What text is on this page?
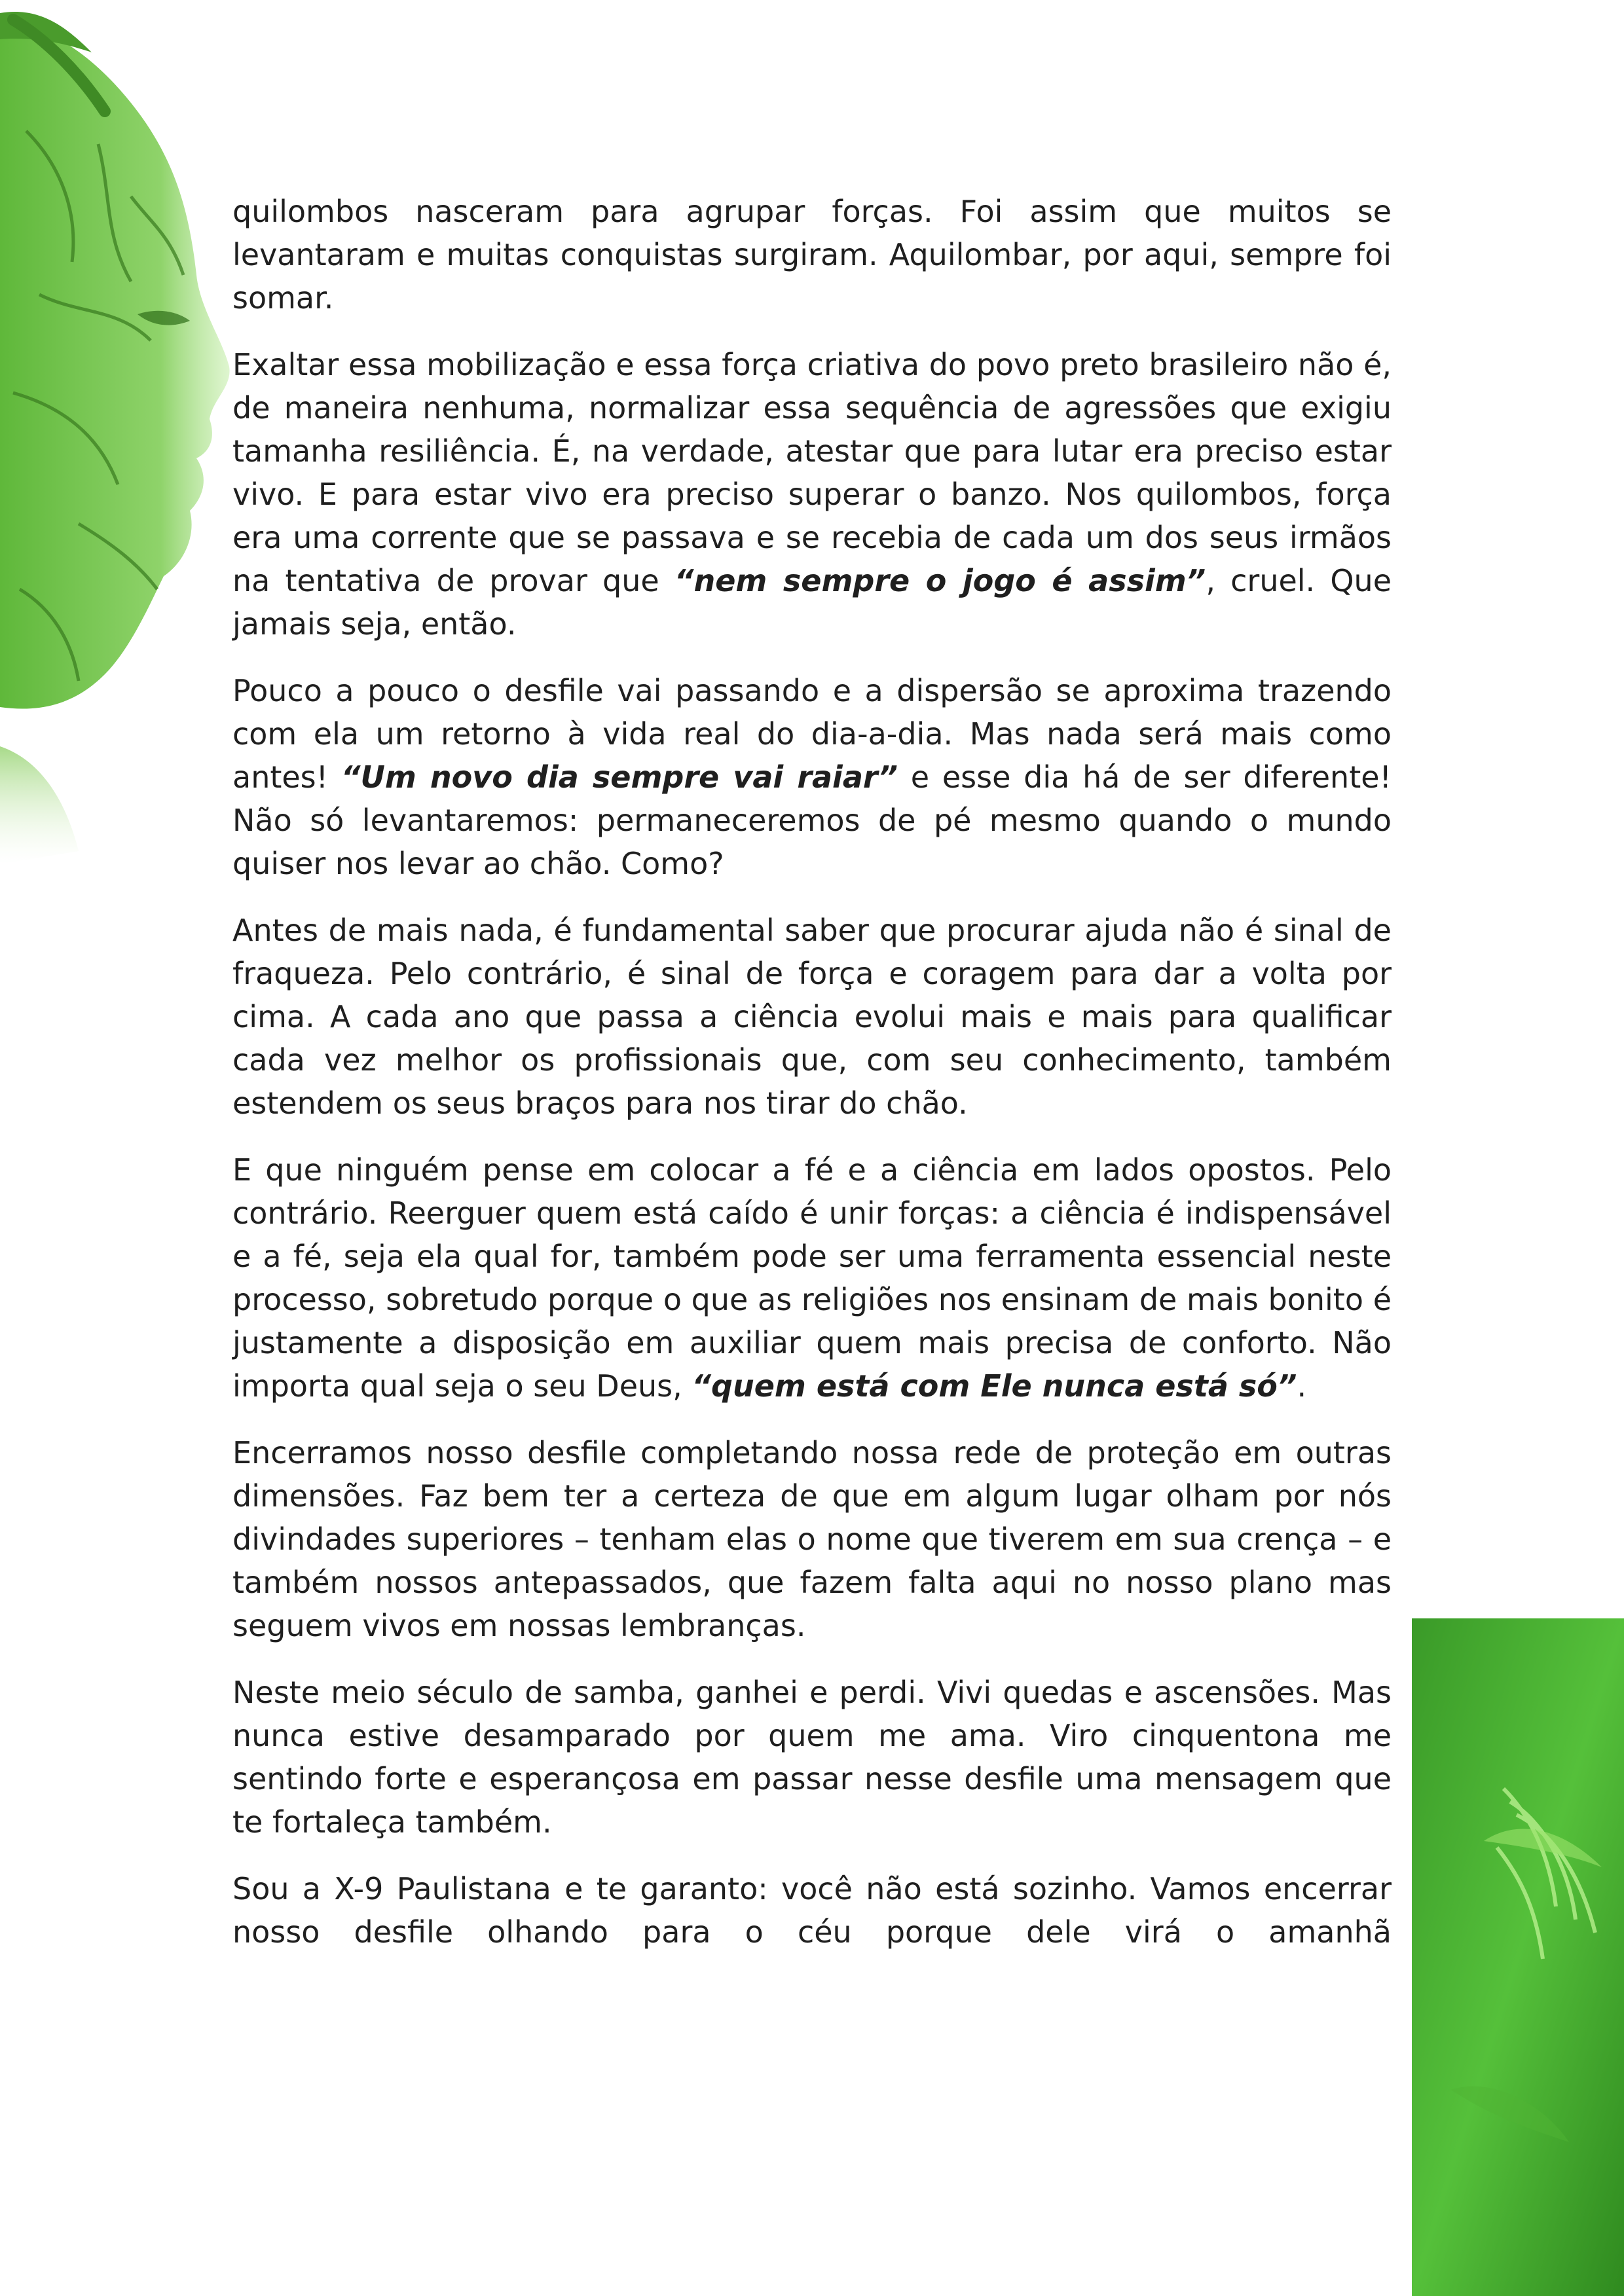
quilombos nasceram para agrupar forças. Foi assim que muitos se levantaram e muitas conquistas surgiram. Aquilombar, por aqui, sempre foi somar.

Exaltar essa mobilização e essa força criativa do povo preto brasileiro não é, de maneira nenhuma, normalizar essa sequência de agressões que exigiu tamanha resiliência. É, na verdade, atestar que para lutar era preciso estar vivo. E para estar vivo era preciso superar o banzo. Nos quilombos, força era uma corrente que se passava e se recebia de cada um dos seus irmãos na tentativa de provar que “nem sempre o jogo é assim”, cruel. Que jamais seja, então.

Pouco a pouco o desfile vai passando e a dispersão se aproxima trazendo com ela um retorno à vida real do dia-a-dia. Mas nada será mais como antes! “Um novo dia sempre vai raiar” e esse dia há de ser diferente! Não só levantaremos: permaneceremos de pé mesmo quando o mundo quiser nos levar ao chão. Como?

Antes de mais nada, é fundamental saber que procurar ajuda não é sinal de fraqueza. Pelo contrário, é sinal de força e coragem para dar a volta por cima. A cada ano que passa a ciência evolui mais e mais para qualificar cada vez melhor os profissionais que, com seu conhecimento, também estendem os seus braços para nos tirar do chão.

E que ninguém pense em colocar a fé e a ciência em lados opostos. Pelo contrário. Reerguer quem está caído é unir forças: a ciência é indispensável e a fé, seja ela qual for, também pode ser uma ferramenta essencial neste processo, sobretudo porque o que as religiões nos ensinam de mais bonito é justamente a disposição em auxiliar quem mais precisa de conforto. Não importa qual seja o seu Deus, “quem está com Ele nunca está só”.

Encerramos nosso desfile completando nossa rede de proteção em outras dimensões. Faz bem ter a certeza de que em algum lugar olham por nós divindades superiores – tenham elas o nome que tiverem em sua crença – e também nossos antepassados, que fazem falta aqui no nosso plano mas seguem vivos em nossas lembranças.

Neste meio século de samba, ganhei e perdi. Vivi quedas e ascensões. Mas nunca estive desamparado por quem me ama. Viro cinquentona me sentindo forte e esperançosa em passar nesse desfile uma mensagem que te fortaleça também.

Sou a X-9 Paulistana e te garanto: você não está sozinho. Vamos encerrar nosso desfile olhando para o céu porque dele virá o amanhã
